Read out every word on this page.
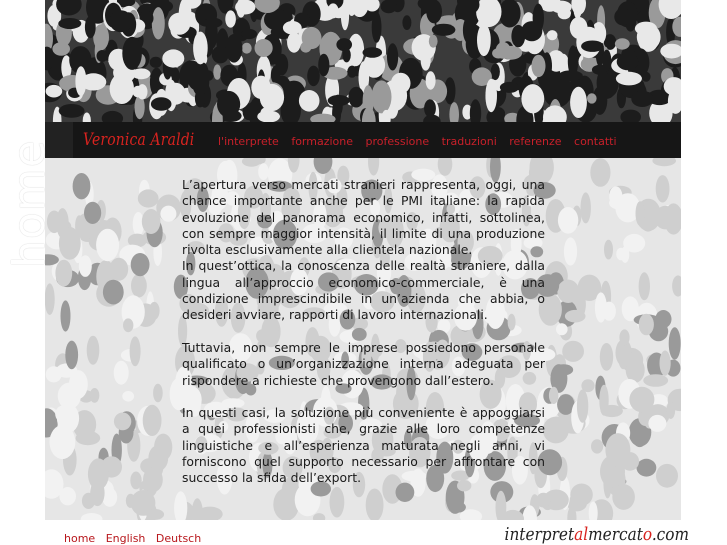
Veronica Araldi l'interprete formazione professione traduzioni referenze contatti

L’apertura verso mercati stranieri rappresenta, oggi, una chance importante anche per le PMI italiane: la rapida evoluzione del panorama economico, infatti, sottolinea, con sempre maggior intensità, il limite di una produzione rivolta esclusivamente alla clientela nazionale.

In quest’ottica, la conoscenza delle realtà straniere, dalla lingua all’approccio economico-commerciale, è una condizione imprescindibile in un’azienda che abbia, o desideri avviare, rapporti di lavoro internazionali.

Tuttavia, non sempre le imprese possiedono personale qualificato o un’organizzazione interna adeguata per rispondere a richieste che provengono dall’estero.

In questi casi, la soluzione più conveniente è appoggiarsi a quei professionisti che, grazie alle loro competenze linguistiche e all’esperienza maturata negli anni, vi forniscono quel supporto necessario per affrontare con successo la sfida dell’export.

home English Deutsch	interpretalmercato.com
home
